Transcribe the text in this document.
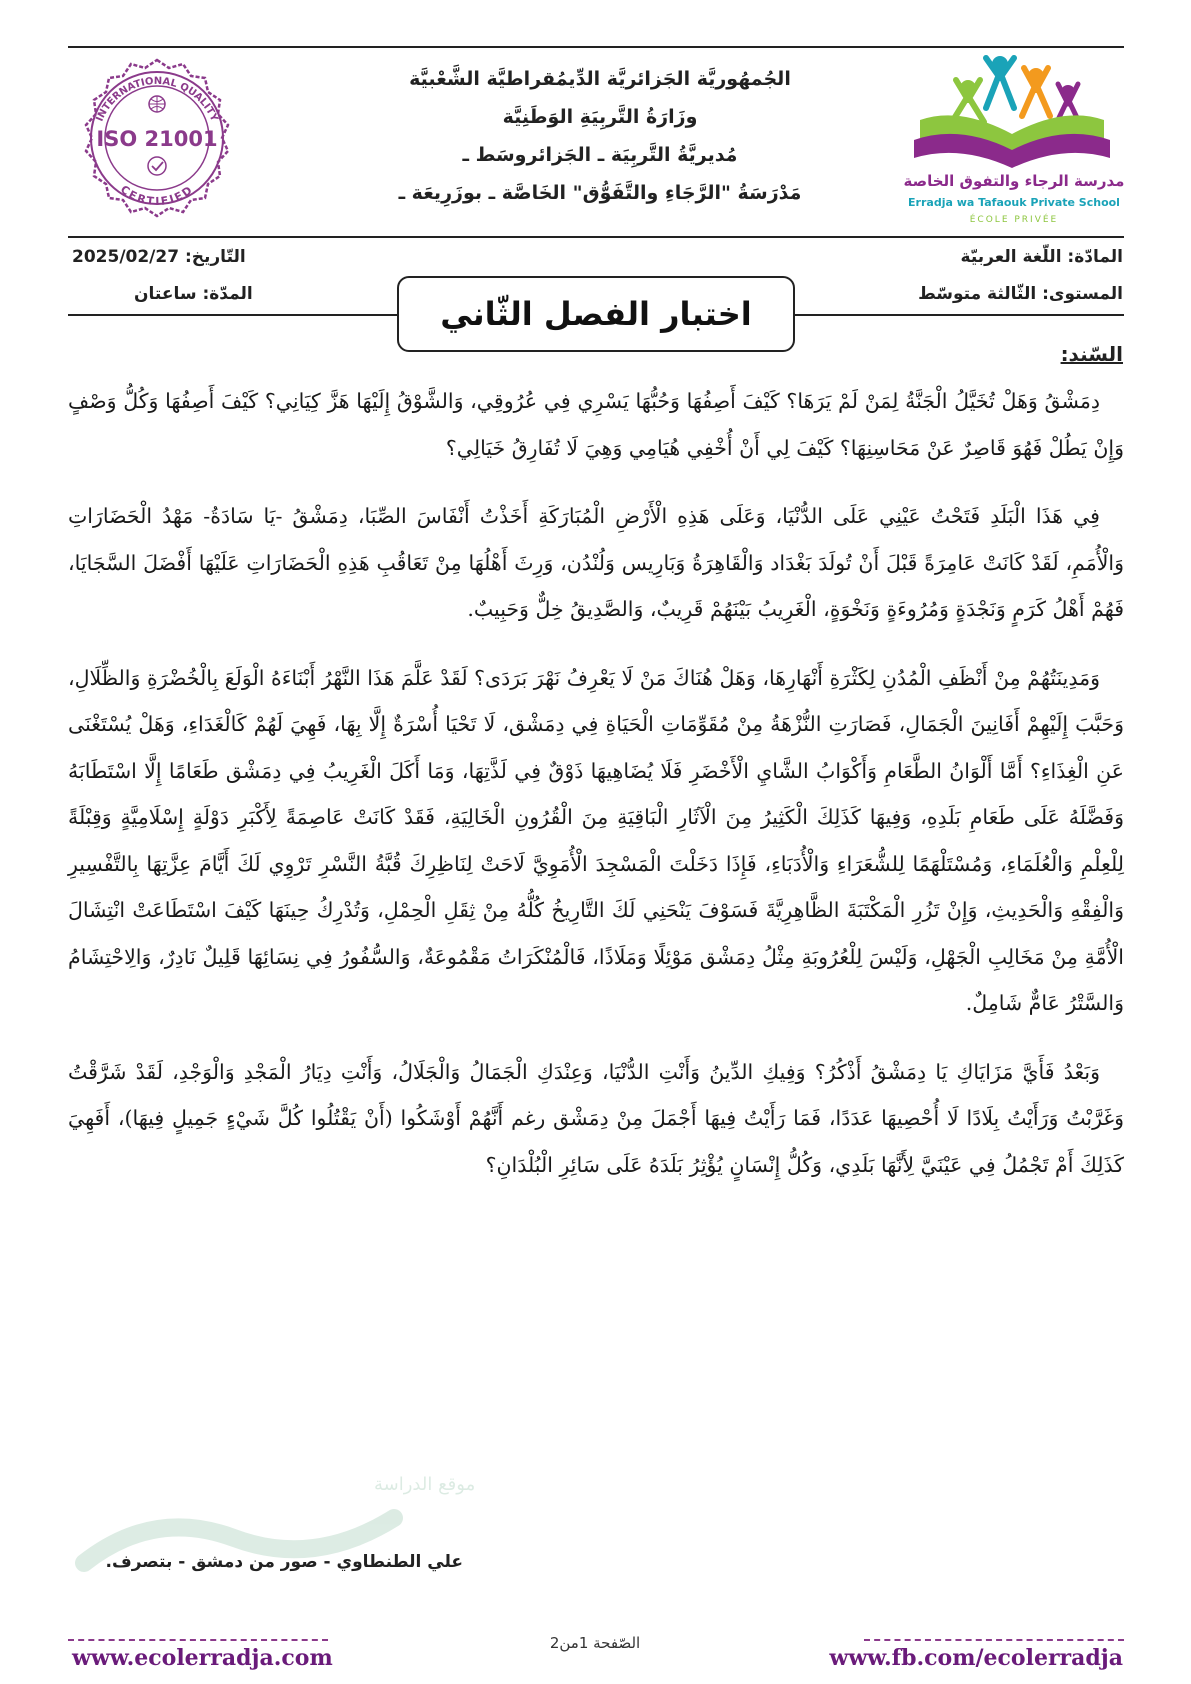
INTERNATIONAL QUALITY
ISO 21001
CERTIFIED
الجُمهُوريَّة الجَزائريَّة الدِّيمُقراطيَّة الشَّعْبيَّة
وزَارَةُ التَّربِيَةِ الوَطَنِيَّة
مُديريَّةُ التَّربِيَة ـ الجَزائروسَط ـ
مَدْرَسَةُ "الرَّجَاءِ والتَّفَوُّق" الخَاصَّة ـ بوزَرِيعَة ـ
مدرسة الرجاء والتفوق الخاصة
Erradja wa Tafaouk Private School
ÉCOLE PRIVÉE
المادّة: اللّغة العربيّة
المستوى: الثّالثة متوسّط
التّاريخ: 2025/02/27
المدّة: ساعتان
اختبار الفصل الثّاني
السّند:
موقع الدراسة

دِمَشْقُ وَهَلْ تُخَيَّلُ الْجَنَّةُ لِمَنْ لَمْ يَرَهَا؟ كَيْفَ أَصِفُهَا وَحُبُّهَا يَسْرِي فِي عُرُوقِي، وَالشَّوْقُ إِلَيْهَا هَزَّ كِيَانِي؟ كَيْفَ أَصِفُهَا وَكُلُّ وَصْفٍ وَإِنْ يَطُلْ فَهُوَ قَاصِرٌ عَنْ مَحَاسِنِهَا؟ كَيْفَ لِي أَنْ أُخْفِي هُيَامِي وَهِيَ لَا تُفَارِقُ خَيَالِي؟

فِي هَذَا الْبَلَدِ فَتَحْتُ عَيْنِي عَلَى الدُّنْيَا، وَعَلَى هَذِهِ الْأَرْضِ الْمُبَارَكَةِ أَخَذْتُ أَنْفَاسَ الصِّبَا، دِمَشْقُ -يَا سَادَةُ- مَهْدُ الْحَضَارَاتِ وَالْأُمَمِ، لَقَدْ كَانَتْ عَامِرَةً قَبْلَ أَنْ تُولَدَ بَغْدَاد وَالْقَاهِرَةُ وَبَارِيس وَلُنْدُن، وَرِثَ أَهْلُهَا مِنْ تَعَاقُبِ هَذِهِ الْحَضَارَاتِ عَلَيْهَا أَفْضَلَ السَّجَايَا، فَهُمْ أَهْلُ كَرَمٍ وَنَجْدَةٍ وَمُرُوءَةٍ وَنَخْوَةٍ، الْغَرِيبُ بَيْنَهُمْ قَرِيبٌ، وَالصَّدِيقُ خِلٌّ وَحَبِيبٌ.

وَمَدِينَتُهُمْ مِنْ أَنْظَفِ الْمُدُنِ لِكَثْرَةِ أَنْهَارِهَا، وَهَلْ هُنَاكَ مَنْ لَا يَعْرِفُ نَهْرَ بَرَدَى؟ لَقَدْ عَلَّمَ هَذَا النَّهْرُ أَبْنَاءَهُ الْوَلَعَ بِالْخُضْرَةِ وَالظِّلَالِ، وَحَبَّبَ إِلَيْهِمْ أَفَانِينَ الْجَمَالِ، فَصَارَتِ النُّزْهَةُ مِنْ مُقَوِّمَاتِ الْحَيَاةِ فِي دِمَشْق، لَا تَحْيَا أُسْرَةٌ إِلَّا بِهَا، فَهِيَ لَهُمْ كَالْغَدَاءِ، وَهَلْ يُسْتَغْنَى عَنِ الْغِذَاءِ؟ أَمَّا أَلْوَانُ الطَّعَامِ وَأَكْوَابُ الشَّايِ الْأَخْضَرِ فَلَا يُضَاهِيهَا ذَوْقٌ فِي لَذَّتِهَا، وَمَا أَكَلَ الْغَرِيبُ فِي دِمَشْق طَعَامًا إِلَّا اسْتَطَابَهُ وَفَضَّلَهُ عَلَى طَعَامِ بَلَدِهِ، وَفِيهَا كَذَلِكَ الْكَثِيرُ مِنَ الْآثَارِ الْبَاقِيَةِ مِنَ الْقُرُونِ الْخَالِيَةِ، فَقَدْ كَانَتْ عَاصِمَةً لِأَكْبَرِ دَوْلَةٍ إِسْلَامِيَّةٍ وَقِبْلَةً لِلْعِلْمِ وَالْعُلَمَاءِ، وَمُسْتَلْهَمًا لِلشُّعَرَاءِ وَالْأُدَبَاءِ، فَإِذَا دَخَلْتَ الْمَسْجِدَ الْأُمَوِيَّ لَاحَتْ لِنَاظِرِكَ قُبَّةُ النَّسْرِ تَرْوِي لَكَ أَيَّامَ عِزَّتِهَا بِالتَّفْسِيرِ وَالْفِقْهِ وَالْحَدِيثِ، وَإِنْ تَزُرِ الْمَكْتَبَةَ الظَّاهِرِيَّةَ فَسَوْفَ يَنْحَنِي لَكَ التَّارِيخُ كُلُّهُ مِنْ ثِقَلِ الْحِمْلِ، وَتُدْرِكُ حِينَهَا كَيْفَ اسْتَطَاعَتْ انْتِشَالَ الْأُمَّةِ مِنْ مَخَالِبِ الْجَهْلِ، وَلَيْسَ لِلْعُرُوبَةِ مِثْلُ دِمَشْق مَوْئِلًا وَمَلَاذًا، فَالْمُنْكَرَاتُ مَقْمُوعَةٌ، وَالسُّفُورُ فِي نِسَائِهَا قَلِيلٌ نَادِرٌ، وَالِاحْتِشَامُ وَالسَّتْرُ عَامٌّ شَامِلٌ.

وَبَعْدُ فَأَيَّ مَزَايَاكِ يَا دِمَشْقُ أَذْكُرُ؟ وَفِيكِ الدِّينُ وَأَنْتِ الدُّنْيَا، وَعِنْدَكِ الْجَمَالُ وَالْجَلَالُ، وَأَنْتِ دِيَارُ الْمَجْدِ وَالْوَجْدِ، لَقَدْ شَرَّقْتُ وَغَرَّبْتُ وَرَأَيْتُ بِلَادًا لَا أُحْصِيهَا عَدَدًا، فَمَا رَأَيْتُ فِيهَا أَجْمَلَ مِنْ دِمَشْق رغم أَنَّهُمْ أَوْشَكُوا (أَنْ يَقْتُلُوا كُلَّ شَيْءٍ جَمِيلٍ فِيهَا)، أَفَهِيَ كَذَلِكَ أَمْ تَجْمُلُ فِي عَيْنَيَّ لِأَنَّهَا بَلَدِي، وَكُلُّ إِنْسَانٍ يُؤْثِرُ بَلَدَهُ عَلَى سَائِرِ الْبُلْدَانِ؟

علي الطنطاوي - صور من دمشق - بتصرف.
الصّفحة 1من2
www.ecolerradja.com	www.fb.com/ecolerradja
